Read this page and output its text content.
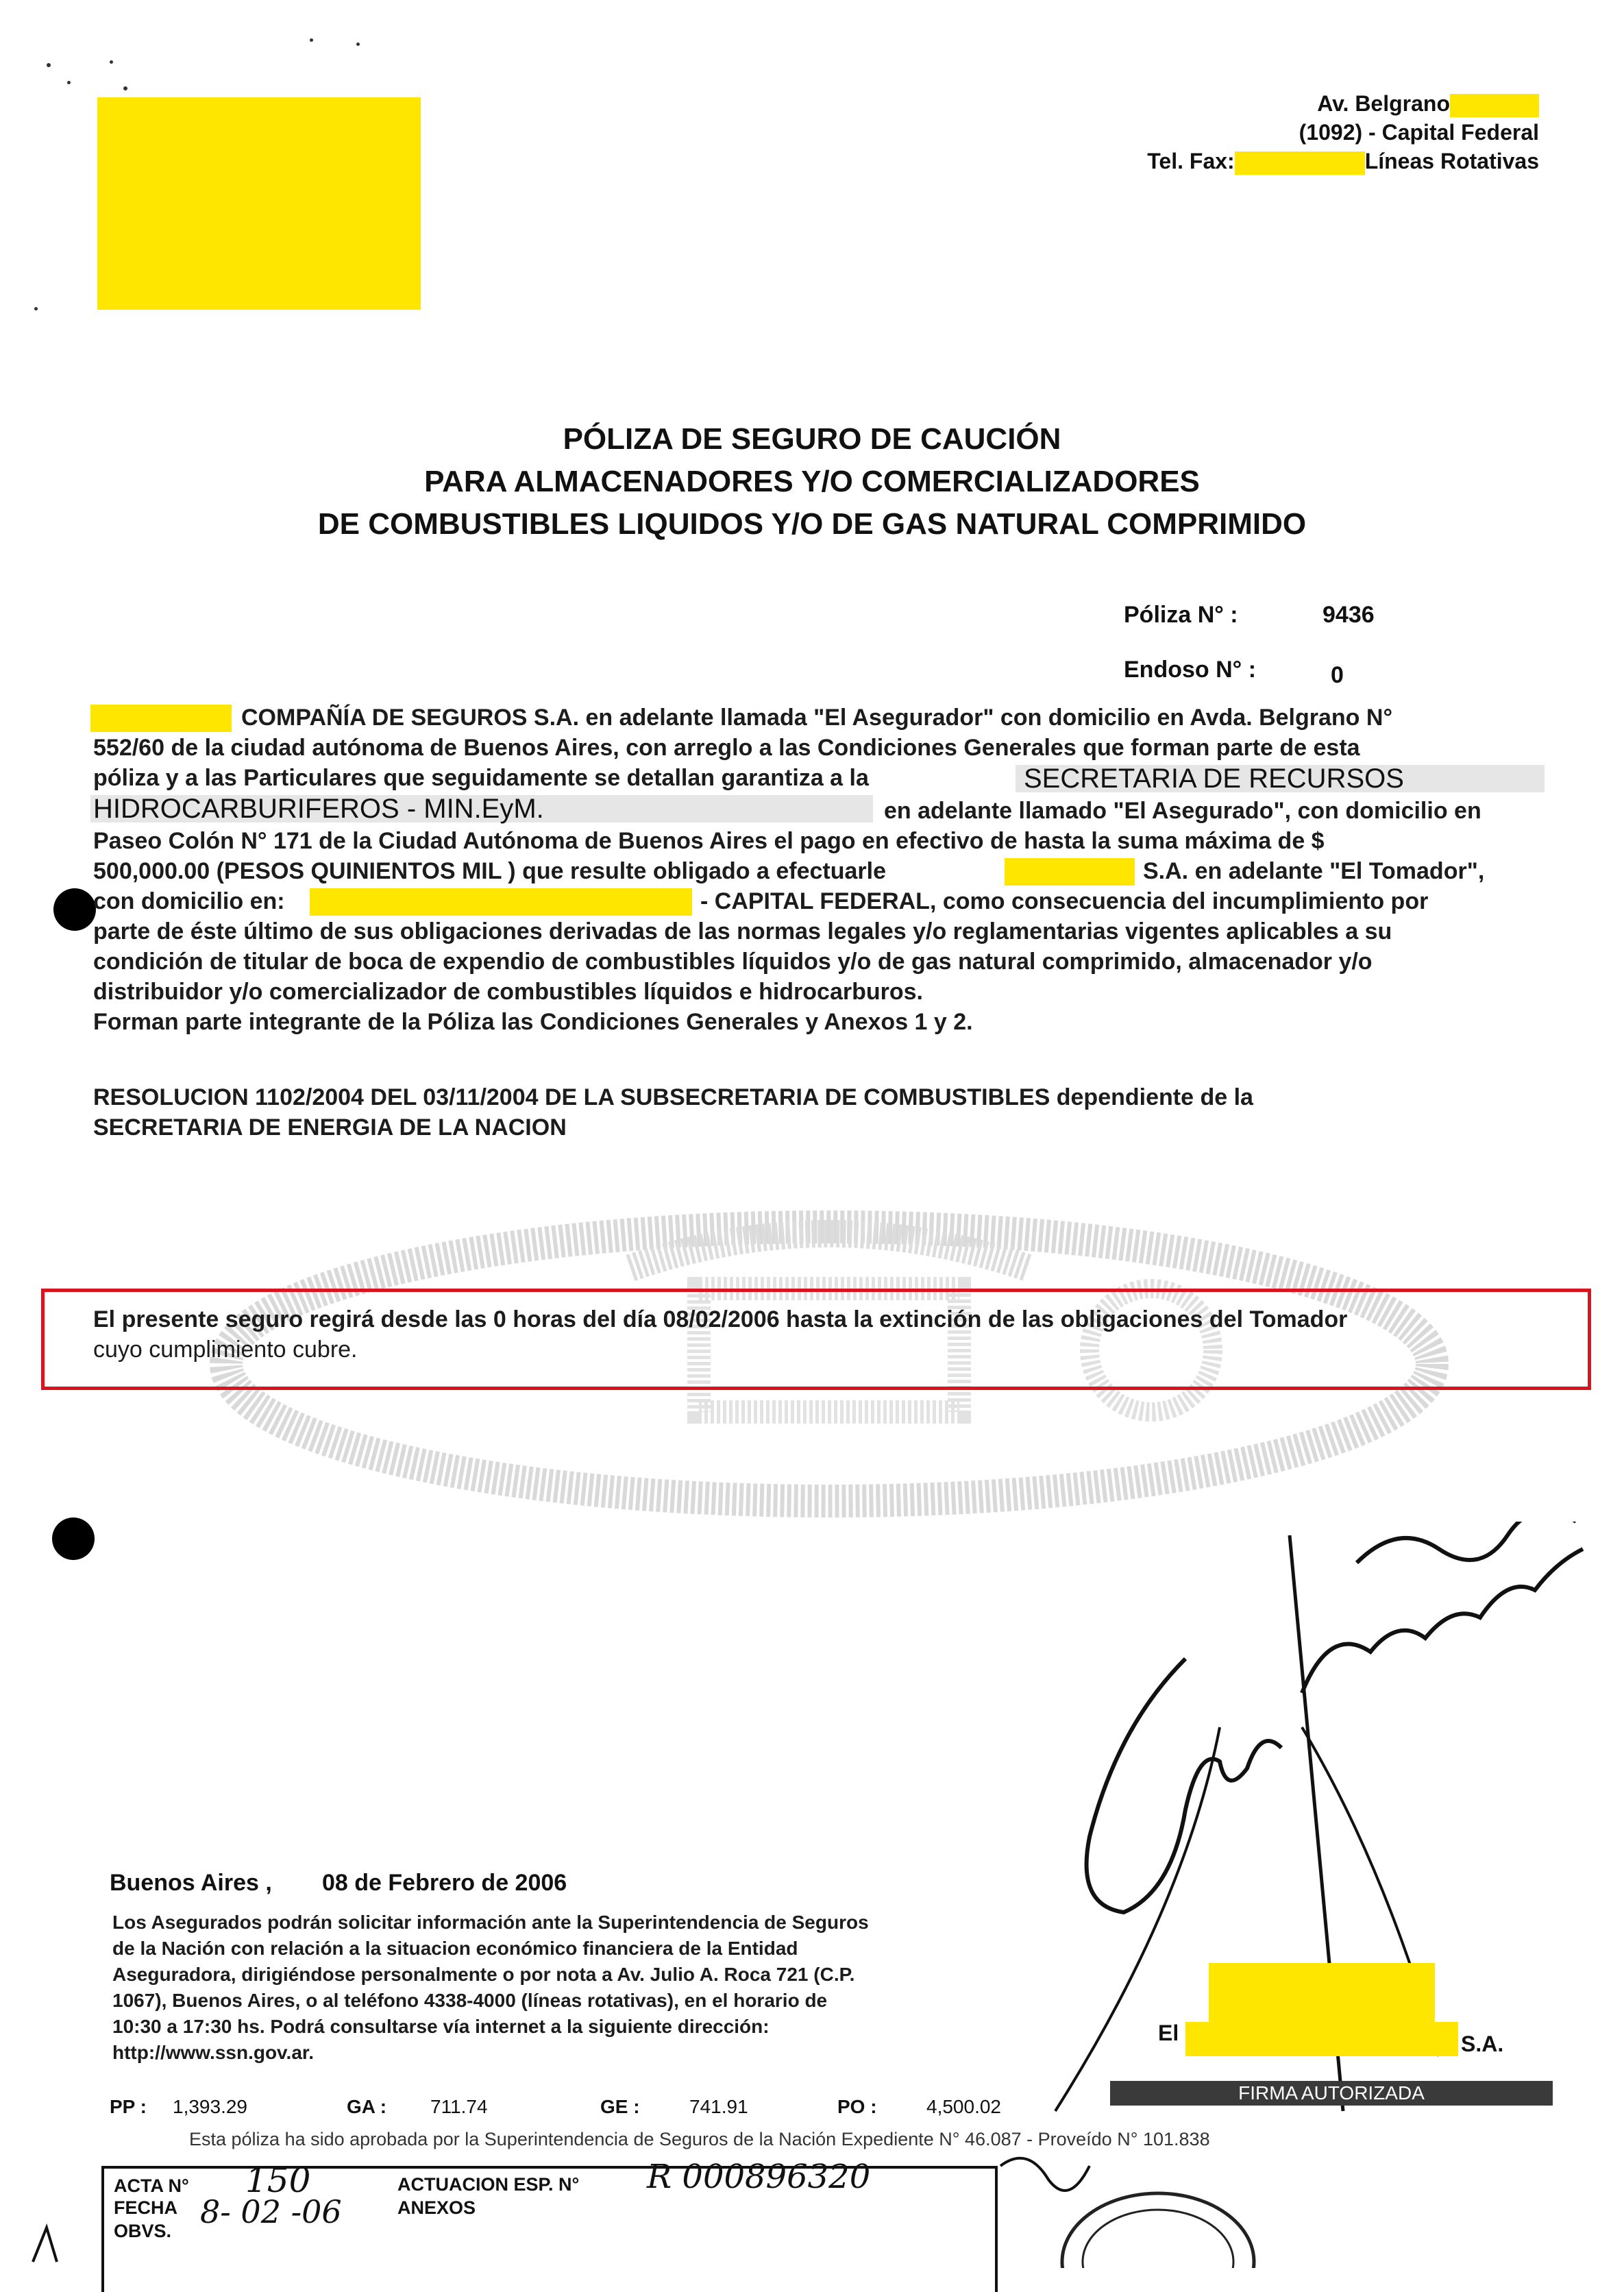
Av. Belgrano
(1092) - Capital Federal
Tel. Fax:	Líneas Rotativas
PÓLIZA DE SEGURO DE CAUCIÓN
PARA ALMACENADORES Y/O COMERCIALIZADORES
DE COMBUSTIBLES LIQUIDOS Y/O DE GAS NATURAL COMPRIMIDO
Póliza N° :	9436
Endoso N° :	0
COMPAÑÍA DE SEGUROS S.A. en adelante llamada "El Asegurador" con domicilio en Avda. Belgrano N°
552/60 de la ciudad autónoma de Buenos Aires, con arreglo a las Condiciones Generales que forman parte de esta
póliza y a las Particulares que seguidamente se detallan garantiza a la	SECRETARIA DE RECURSOS
HIDROCARBURIFEROS - MIN.EyM.	en adelante llamado "El Asegurado", con domicilio en
Paseo Colón N° 171 de la Ciudad Autónoma de Buenos Aires el pago en efectivo de hasta la suma máxima de $
500,000.00 (PESOS QUINIENTOS MIL ) que resulte obligado a efectuarle	S.A. en adelante "El Tomador",
con domicilio en:	- CAPITAL FEDERAL, como consecuencia del incumplimiento por
parte de éste último de sus obligaciones derivadas de las normas legales y/o reglamentarias vigentes aplicables a su
condición de titular de boca de expendio de combustibles líquidos y/o de gas natural comprimido, almacenador y/o
distribuidor y/o comercializador de combustibles líquidos e hidrocarburos.
Forman parte integrante de la Póliza las Condiciones Generales y Anexos 1 y 2.
RESOLUCION 1102/2004 DEL 03/11/2004 DE LA SUBSECRETARIA DE COMBUSTIBLES dependiente de la
SECRETARIA DE ENERGIA DE LA NACION
El presente seguro regirá desde las 0 horas del día 08/02/2006 hasta la extinción de las obligaciones del Tomador
cuyo cumplimiento cubre.
Buenos Aires , 08 de Febrero de 2006
Los Asegurados podrán solicitar información ante la Superintendencia de Seguros
de la Nación con relación a la situacion económico financiera de la Entidad
Aseguradora, dirigiéndose personalmente o por nota a Av. Julio A. Roca 721 (C.P.
1067), Buenos Aires, o al teléfono 4338-4000 (líneas rotativas), en el horario de
10:30 a 17:30 hs. Podrá consultarse vía internet a la siguiente dirección:
http://www.ssn.gov.ar.
El	S.A.
FIRMA AUTORIZADA
PP : 1,393.29	GA : 711.74	GE :	741.91	PO :	4,500.02
Esta póliza ha sido aprobada por la Superintendencia de Seguros de la Nación Expediente N° 46.087 - Proveído N° 101.838
ACTA N° 150
FECHA 8- 02 -06
OBVS.
ACTUACION ESP. N° R 000896320
ANEXOS
